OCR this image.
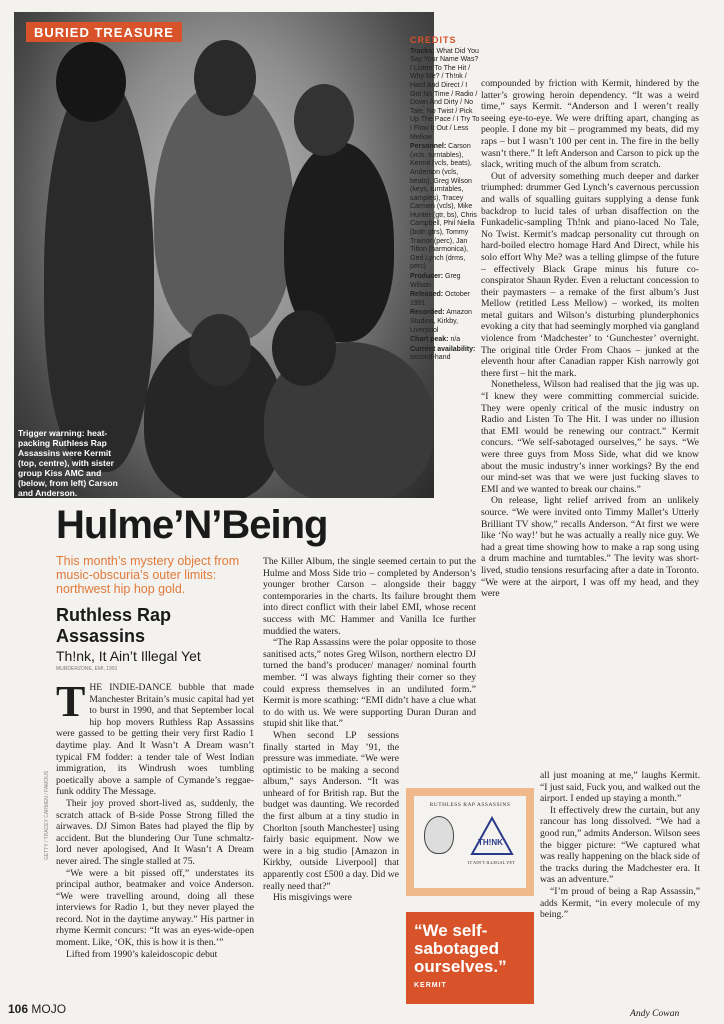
BURIED TREASURE
Trigger warning: heat-packing Ruthless Rap Assassins were Kermit (top, centre), with sister group Kiss AMC and (below, from left) Carson and Anderson.
CREDITS

Tracks: What Did You Say Your Name Was? / Listen To The Hit / Why Me? / Th!nk / Hard And Direct / I Got No Time / Radio / Down And Dirty / No Tale, No Twist / Pick Up The Pace / I Try To I Flow It Out / Less Mellow

Personnel: Carson (vcls, turntables), Kermit (vcls, beats), Anderson (vcls, beats), Greg Wilson (keys, turntables, samples), Tracey Carmen (vcls), Mike Hunter (gtr, bs), Chris Campbell, Phil Niella (both gtrs), Tommy Trainor (perc), Jan Tilton (harmonica), Ged Lynch (drms, perc)

Producer: Greg Wilson

Released: October 1991

Recorded: Amazon Studios, Kirkby, Liverpool

Chart peak: n/a

Current availability: second-hand

Hulme’N’Being
This month’s mystery object from music-obscuria’s outer limits: northwest hip hop gold.
Ruthless Rap Assassins
Th!nk, It Ain’t Illegal Yet
MURDERZONE, EMI, 1991

THE INDIE-DANCE bubble that made Manchester Britain’s music capital had yet to burst in 1990, and that September local hip hop movers Ruthless Rap Assassins were gassed to be getting their very first Radio 1 daytime play. And It Wasn’t A Dream wasn’t typical FM fodder: a tender tale of West Indian immigration, its Windrush woes tumbling poetically above a sample of Cymande’s reggae-funk oddity The Message.

Their joy proved short-lived as, suddenly, the scratch attack of B-side Posse Strong filled the airwaves. DJ Simon Bates had played the flip by accident. But the blundering Our Tune schmaltz-lord never apologised, And It Wasn’t A Dream never aired. The single stalled at 75.

“We were a bit pissed off,” understates its principal author, beatmaker and voice Anderson. “We were travelling around, doing all these interviews for Radio 1, but they never played the record. Not in the daytime anyway.” His partner in rhyme Kermit concurs: “It was an eyes-wide-open moment. Like, ‘OK, this is how it is then.’”

Lifted from 1990’s kaleidoscopic debut

The Killer Album, the single seemed certain to put the Hulme and Moss Side trio – completed by Anderson’s younger brother Carson – alongside their baggy contemporaries in the charts. Its failure brought them into direct conflict with their label EMI, whose recent success with MC Hammer and Vanilla Ice further muddied the waters.

“The Rap Assassins were the polar opposite to those sanitised acts,” notes Greg Wilson, northern electro DJ turned the band’s producer/ manager/ nominal fourth member. “I was always fighting their corner so they could express themselves in an undiluted form.” Kermit is more scathing: “EMI didn’t have a clue what to do with us. We were supporting Duran Duran and stupid shit like that.”

When second LP sessions finally started in May ’91, the pressure was immediate. “We were optimistic to be making a second album,” says Anderson. “It was unheard of for British rap. But the budget was daunting. We recorded the first album at a tiny studio in Chorlton [south Manchester] using fairly basic equipment. Now we were in a big studio [Amazon in Kirkby, outside Liverpool] that apparently cost £500 a day. Did we really need that?”

His misgivings were

compounded by friction with Kermit, hindered by the latter’s growing heroin dependency. “It was a weird time,” says Kermit. “Anderson and I weren’t really seeing eye-to-eye. We were drifting apart, changing as people. I done my bit – programmed my beats, did my raps – but I wasn’t 100 per cent in. The fire in the belly wasn’t there.” It left Anderson and Carson to pick up the slack, writing much of the album from scratch.

Out of adversity something much deeper and darker triumphed: drummer Ged Lynch’s cavernous percussion and walls of squalling guitars supplying a dense funk backdrop to lucid tales of urban disaffection on the Funkadelic-sampling Th!nk and piano-laced No Tale, No Twist. Kermit’s madcap personality cut through on hard-boiled electro homage Hard And Direct, while his solo effort Why Me? was a telling glimpse of the future – effectively Black Grape minus his future co-conspirator Shaun Ryder. Even a reluctant concession to their paymasters – a remake of the first album’s Just Mellow (retitled Less Mellow) – worked, its molten metal guitars and Wilson’s disturbing plunderphonics evoking a city that had seemingly morphed via gangland violence from ‘Madchester’ to ‘Gunchester’ overnight. The original title Order From Chaos – junked at the eleventh hour after Canadian rapper Kish narrowly got there first – hit the mark.

Nonetheless, Wilson had realised that the jig was up. “I knew they were committing commercial suicide. They were openly critical of the music industry on Radio and Listen To The Hit. I was under no illusion that EMI would be renewing our contract.” Kermit concurs. “We self-sabotaged ourselves,” he says. “We were three guys from Moss Side, what did we know about the music industry’s inner workings? By the end our mind-set was that we were just fucking slaves to EMI and we wanted to break our chains.”

On release, light relief arrived from an unlikely source. “We were invited onto Timmy Mallet’s Utterly Brilliant TV show,” recalls Anderson. “At first we were like ‘No way!’ but he was actually a really nice guy. We had a great time showing how to make a rap song using a drum machine and turntables.” The levity was short-lived, studio tensions resurfacing after a date in Toronto. “We were at the airport, I was off my head, and they were

all just moaning at me,” laughs Kermit. “I just said, Fuck you, and walked out the airport. I ended up staying a month.”

It effectively drew the curtain, but any rancour has long dissolved. “We had a good run,” admits Anderson. Wilson sees the bigger picture: “We captured what was really happening on the black side of the tracks during the Madchester era. It was an adventure.”

“I’m proud of being a Rap Assassin,” adds Kermit, “in every molecule of my being.”

Andy Cowan
RUTHLESS RAP ASSASSINS
TH!NK
IT AIN’T ILLEGAL YET
“We self-sabotaged ourselves.”
KERMIT
GETTY / TRACEY CARMEN / FAMOUS
106 MOJO
